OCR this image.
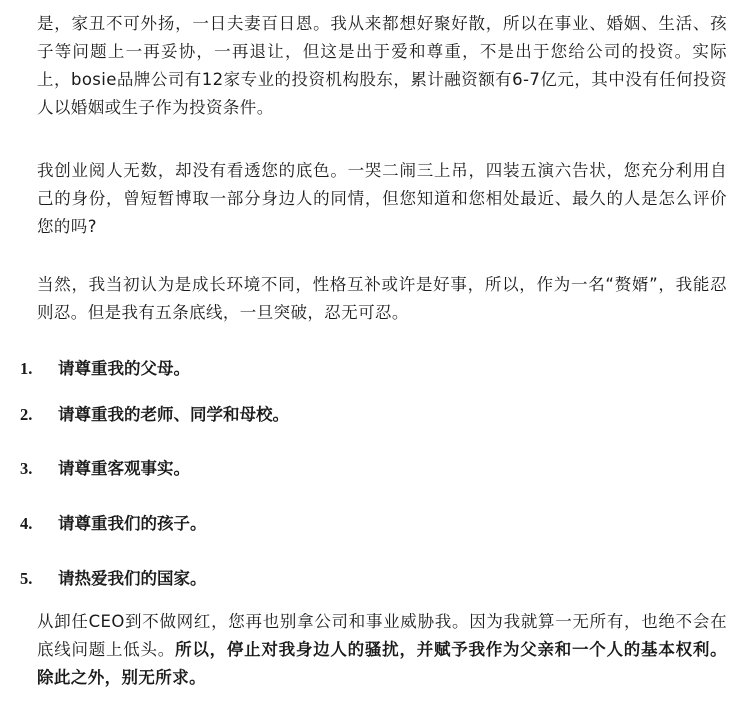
是，家丑不可外扬，一日夫妻百日恩。我从来都想好聚好散，所以在事业、婚姻、生活、孩子等问题上一再妥协，一再退让，但这是出于爱和尊重，不是出于您给公司的投资。实际上，bosie品牌公司有12家专业的投资机构股东，累计融资额有6-7亿元，其中没有任何投资人以婚姻或生子作为投资条件。

我创业阅人无数，却没有看透您的底色。一哭二闹三上吊，四装五演六告状，您充分利用自己的身份，曾短暂博取一部分身边人的同情，但您知道和您相处最近、最久的人是怎么评价您的吗?

当然，我当初认为是成长环境不同，性格互补或许是好事，所以，作为一名“赘婿”，我能忍则忍。但是我有五条底线，一旦突破，忍无可忍。

1. 请尊重我的父母。
2. 请尊重我的老师、同学和母校。
3. 请尊重客观事实。
4. 请尊重我们的孩子。
5. 请热爱我们的国家。

从卸任CEO到不做网红，您再也别拿公司和事业威胁我。因为我就算一无所有，也绝不会在底线问题上低头。所以，停止对我身边人的骚扰，并赋予我作为父亲和一个人的基本权利。除此之外，别无所求。
